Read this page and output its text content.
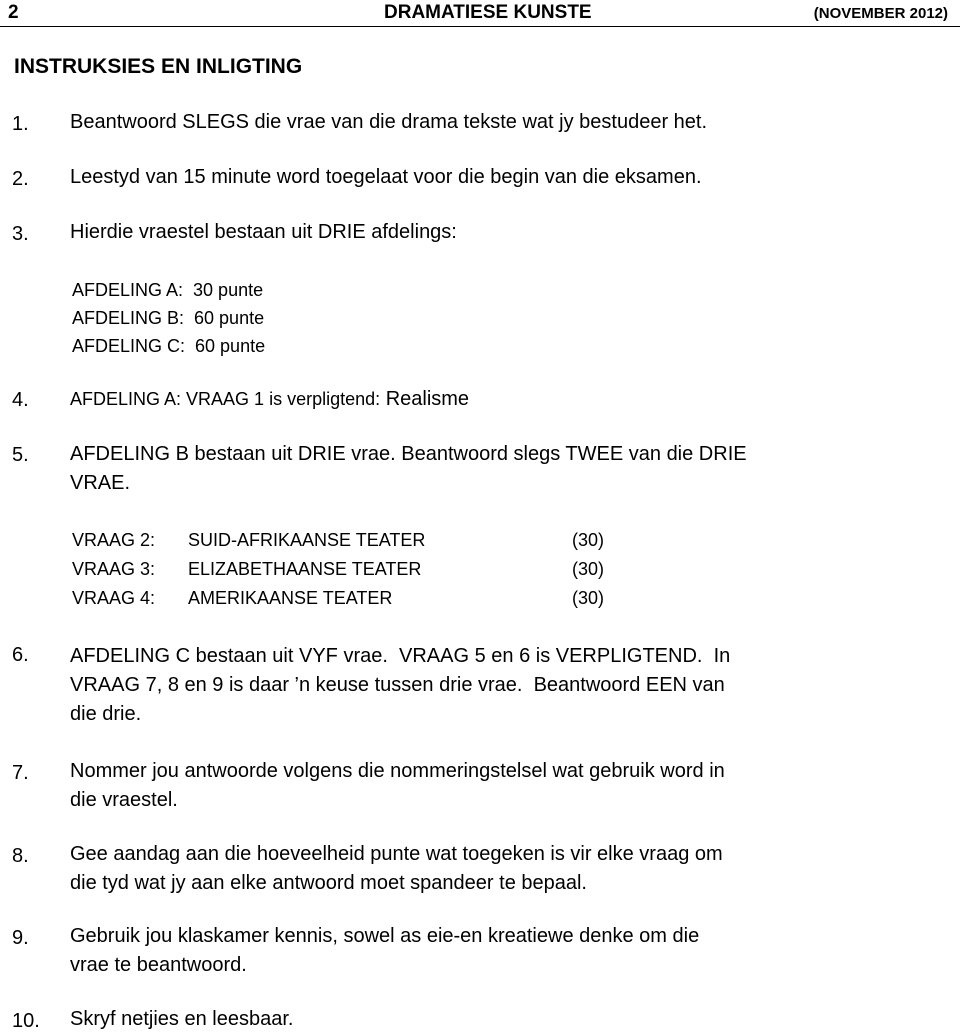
2	DRAMATIESE KUNSTE	(NOVEMBER 2012)
INSTRUKSIES EN INLIGTING
1. Beantwoord SLEGS die vrae van die drama tekste wat jy bestudeer het.
2. Leestyd van 15 minute word toegelaat voor die begin van die eksamen.
3. Hierdie vraestel bestaan uit DRIE afdelings:
AFDELING A:  30 punte
AFDELING B:  60 punte
AFDELING C:  60 punte
4. AFDELING A: VRAAG 1 is verpligtend: Realisme
5. AFDELING B bestaan uit DRIE vrae. Beantwoord slegs TWEE van die DRIE
VRAE.
VRAAG 2: SUID-AFRIKAANSE TEATER	(30)
VRAAG 3: ELIZABETHAANSE TEATER	(30)
VRAAG 4: AMERIKAANSE TEATER	(30)
6. AFDELING C bestaan uit VYF vrae.  VRAAG 5 en 6 is VERPLIGTEND.  In
VRAAG 7, 8 en 9 is daar ’n keuse tussen drie vrae.  Beantwoord EEN van
die drie.
7. Nommer jou antwoorde volgens die nommeringstelsel wat gebruik word in
die vraestel.
8. Gee aandag aan die hoeveelheid punte wat toegeken is vir elke vraag om
die tyd wat jy aan elke antwoord moet spandeer te bepaal.
9. Gebruik jou klaskamer kennis, sowel as eie-en kreatiewe denke om die
vrae te beantwoord.
10. Skryf netjies en leesbaar.
